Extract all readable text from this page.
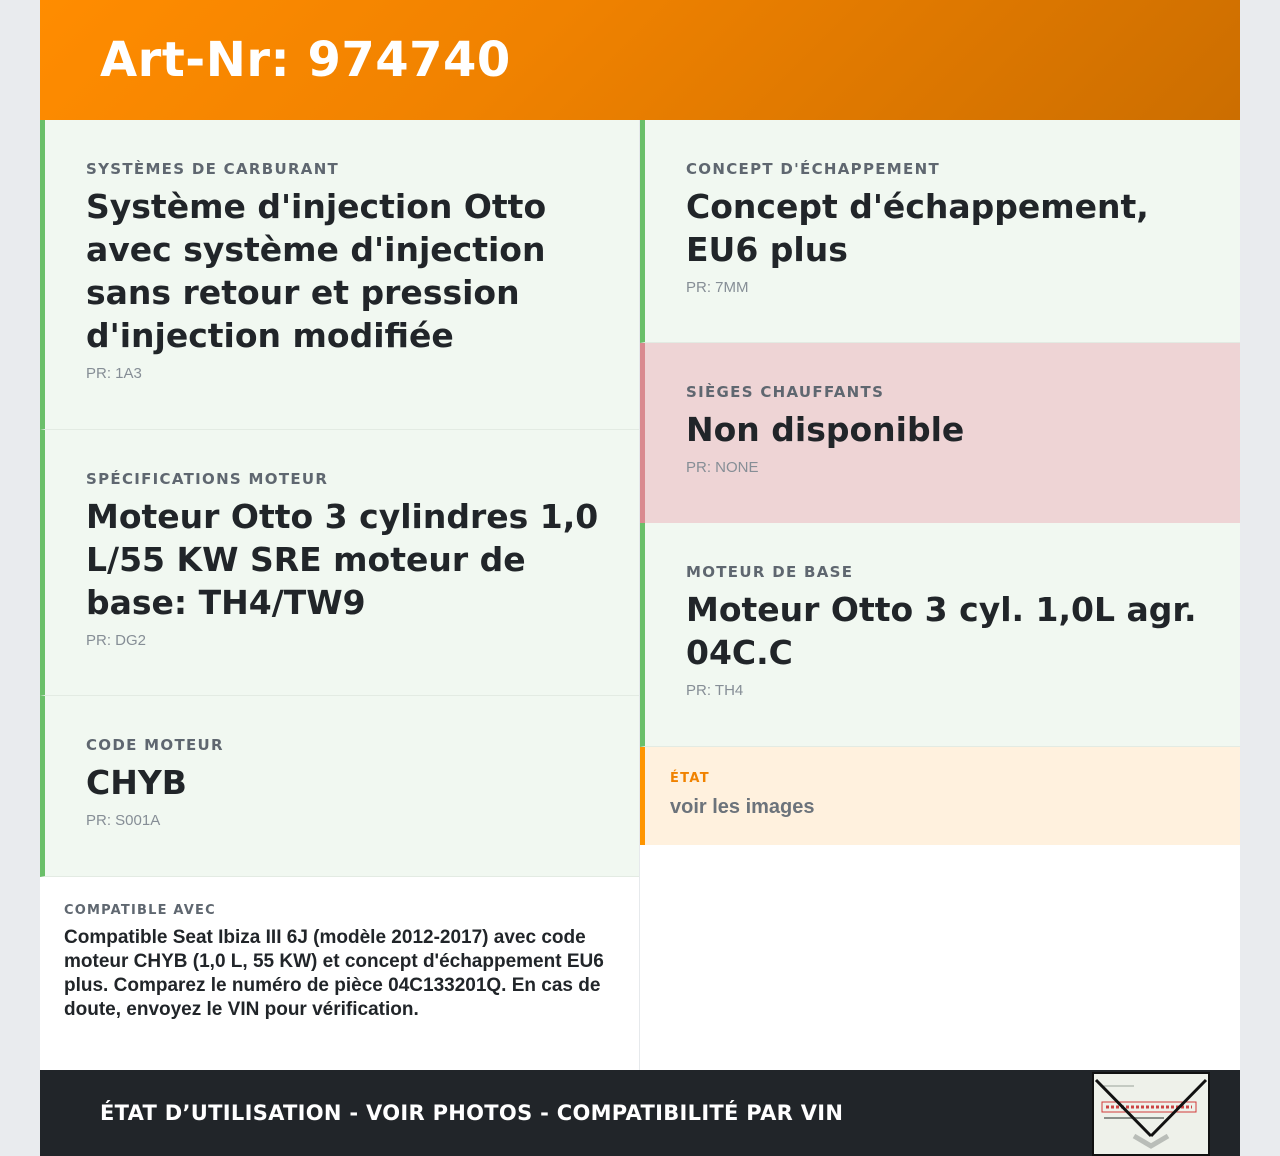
Art-Nr: 974740
SYSTÈMES DE CARBURANT
Système d'injection Otto avec système d'injection sans retour et pression d'injection modifiée
PR: 1A3
SPÉCIFICATIONS MOTEUR
Moteur Otto 3 cylindres 1,0 L/55 KW SRE moteur de base: TH4/TW9
PR: DG2
CODE MOTEUR
CHYB
PR: S001A
COMPATIBLE AVEC
Compatible Seat Ibiza III 6J (modèle 2012-2017) avec code moteur CHYB (1,0 L, 55 KW) et concept d'échappement EU6 plus. Comparez le numéro de pièce 04C133201Q. En cas de doute, envoyez le VIN pour vérification.
CONCEPT D'ÉCHAPPEMENT
Concept d'échappement, EU6 plus
PR: 7MM
SIÈGES CHAUFFANTS
Non disponible
PR: NONE
MOTEUR DE BASE
Moteur Otto 3 cyl. 1,0L agr. 04C.C
PR: TH4
ÉTAT
voir les images
ÉTAT D’UTILISATION - VOIR PHOTOS - COMPATIBILITÉ PAR VIN
